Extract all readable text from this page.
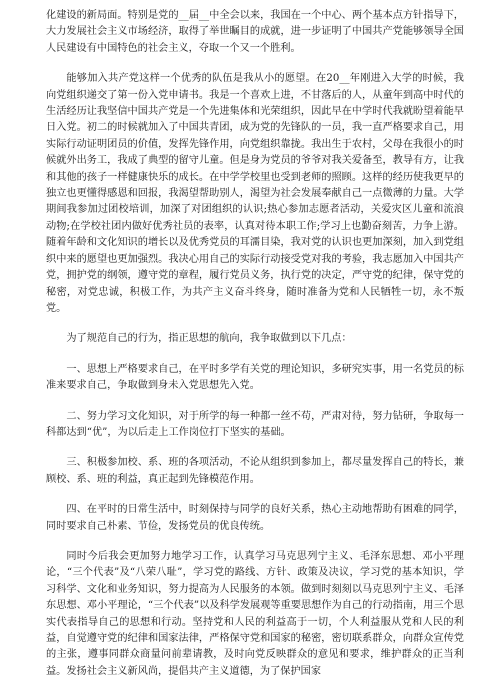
化建设的新局面。特别是党的__届__中全会以来，我国在一个中心、两个基本点方针指导下，大力发展社会主义市场经济，取得了举世瞩目的成就，进一步证明了中国共产党能够领导全国人民建设有中国特色的社会主义，夺取一个又一个胜利。

能够加入共产党这样一个优秀的队伍是我从小的愿望。在20__年刚进入大学的时候，我向党组织递交了第一份入党申请书。我是一个喜欢上进，不甘落后的人，从童年到高中时代的生活经历让我坚信中国共产党是一个先进集体和光荣组织，因此早在中学时代我就盼望着能早日入党。初二的时候就加入了中国共青团，成为党的先锋队的一员，我一直严格要求自己，用实际行动证明团员的价值，发挥先锋作用，向党组织靠拢。我出生于农村，父母在我很小的时候就外出务工，我成了典型的留守儿童。但是身为党员的爷爷对我关爱备至，教导有方，让我和其他的孩子一样健康快乐的成长。在中学学校里也受到老师的照顾。这样的经历使我更早的独立也更懂得感恩和回报，我渴望帮助别人，渴望为社会发展奉献自己一点微薄的力量。大学期间我参加过团校培训，加深了对团组织的认识;热心参加志愿者活动，关爱灾区儿童和流浪动物;在学校社团内做好优秀社员的表率，认真对待本职工作;学习上也勤奋刻苦，力争上游。随着年龄和文化知识的增长以及优秀党员的耳濡目染，我对党的认识也更加深刻，加入到党组织中来的愿望也更加强烈。我决心用自己的实际行动接受党对我的考验，我志愿加入中国共产党，拥护党的纲领，遵守党的章程，履行党员义务，执行党的决定，严守党的纪律，保守党的秘密，对党忠诚，积极工作，为共产主义奋斗终身，随时准备为党和人民牺牲一切，永不叛党。

为了规范自己的行为，指正思想的航向，我争取做到以下几点：

一、思想上严格要求自己，在平时多学有关党的理论知识，多研究实事，用一名党员的标准来要求自己，争取做到身未入党思想先入党。

二、努力学习文化知识，对于所学的每一种都一丝不苟，严肃对待，努力钻研，争取每一科都达到“优”，为以后走上工作岗位打下坚实的基础。

三、积极参加校、系、班的各项活动，不论从组织到参加上，都尽量发挥自己的特长，兼顾校、系、班的利益，真正起到先锋模范作用。

四、在平时的日常生活中，时刻保持与同学的良好关系，热心主动地帮助有困难的同学，同时要求自己朴素、节俭，发扬党员的优良传统。

同时今后我会更加努力地学习工作，认真学习马克思列宁主义、毛泽东思想、邓小平理论，“三个代表”及“八荣八耻”，学习党的路线、方针、政策及决议，学习党的基本知识，学习科学、文化和业务知识，努力提高为人民服务的本领。做到时刻刻以马克思列宁主义、毛泽东思想、邓小平理论，“三个代表”以及科学发展观等重要思想作为自己的行动指南，用三个思实代表指导自己的思想和行动。坚持党和人民的利益高于一切，个人利益服从党和人民的利益，自觉遵守党的纪律和国家法律，严格保守党和国家的秘密，密切联系群众，向群众宣传党的主张，遵事同群众商量问前辈请教，及时向党反映群众的意见和要求，维护群众的正当利益。发扬社会主义新风尚，提倡共产主义道德，为了保护国家
